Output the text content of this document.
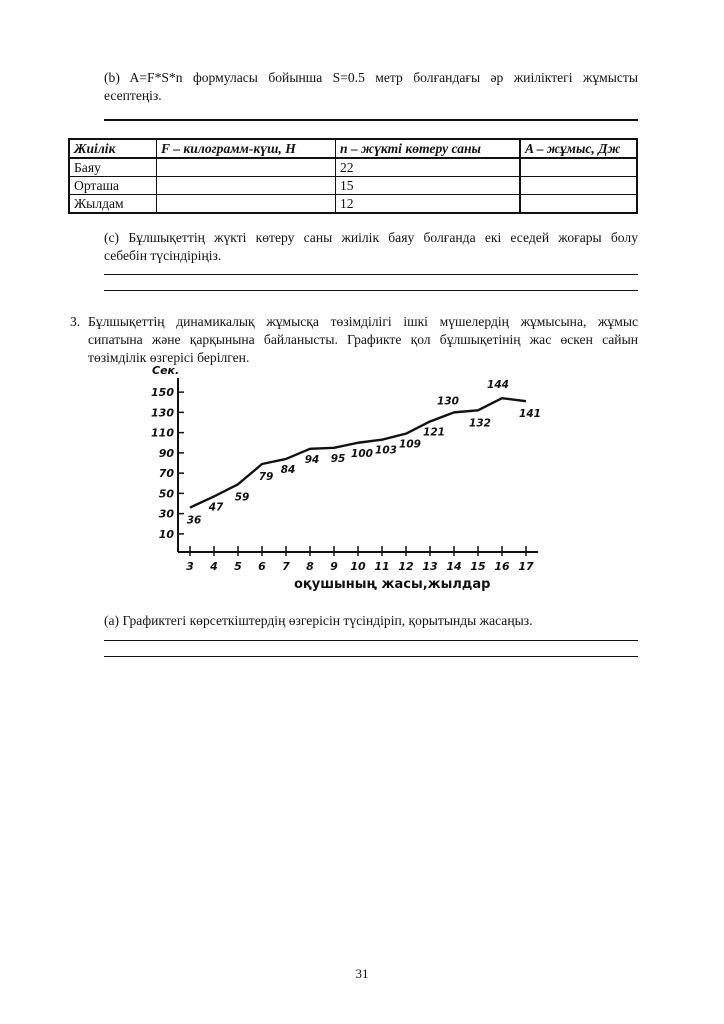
(b) A=F*S*n формуласы бойынша S=0.5 метр болғандағы әр жиіліктегі жұмысты
есептеңіз.
Жиілік	F – килограмм-күш, Н	n – жүкті көтеру саны	A – жұмыс, Дж
Баяу		22	
Орташа		15	
Жылдам		12	
(c) Бұлшықеттің жүкті көтеру саны жиілік баяу болғанда екі еседей жоғары болу
себебін түсіндіріңіз.
3. Бұлшықеттің динамикалық жұмысқа төзімділігі ішкі мүшелердің жұмысына, жұмыс
сипатына және қарқынына байланысты. Графикте қол бұлшықетінің жас өскен сайын
төзімділік өзгерісі берілген.
Сек.
10
30
50
70
90
110
130
150
3 4 5 6 7 8 9 10 11 12 13 14 15 16 17
36
47
59
79
84
94 95 100 103
109
121
130
132
144
141
оқушының жасы,жылдар
(а) Графиктегі көрсеткіштердің өзгерісін түсіндіріп, қорытынды жасаңыз.
31
